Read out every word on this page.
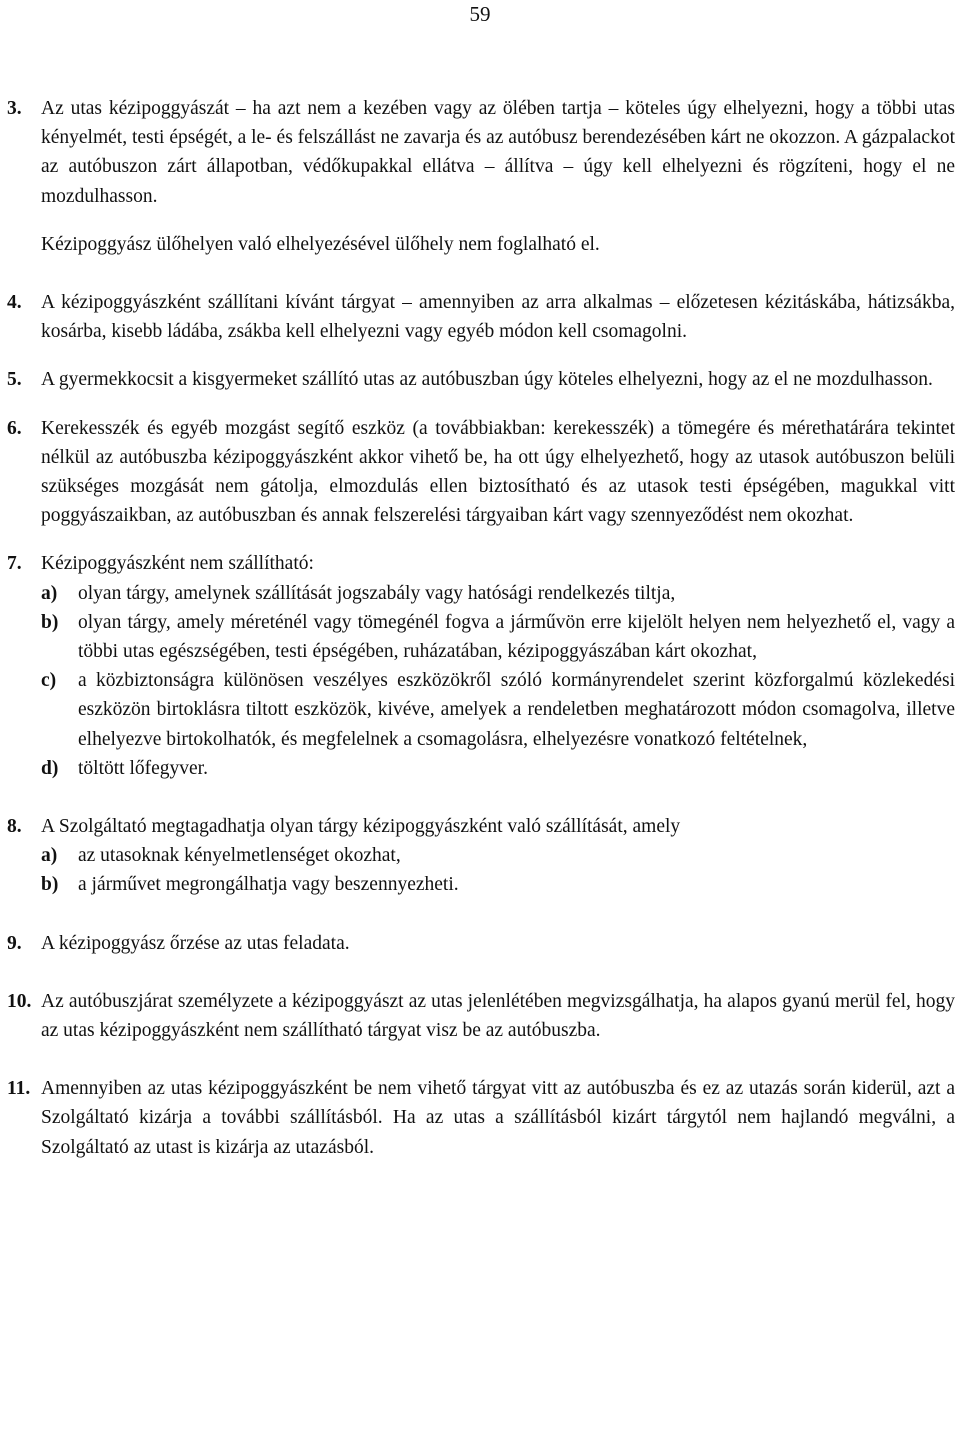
59
3. Az utas kézipoggyászát – ha azt nem a kezében vagy az ölében tartja – köteles úgy elhelyezni, hogy a többi utas kényelmét, testi épségét, a le- és felszállást ne zavarja és az autóbusz berendezésében kárt ne okozzon. A gázpalackot az autóbuszon zárt állapotban, védőkupakkal ellátva – állítva – úgy kell elhelyezni és rögzíteni, hogy el ne mozdulhasson.
Kézipoggyász ülőhelyen való elhelyezésével ülőhely nem foglalható el.
4. A kézipoggyászként szállítani kívánt tárgyat – amennyiben az arra alkalmas – előzetesen kézitáskába, hátizsákba, kosárba, kisebb ládába, zsákba kell elhelyezni vagy egyéb módon kell csomagolni.
5. A gyermekkocsit a kisgyermeket szállító utas az autóbuszban úgy köteles elhelyezni, hogy az el ne mozdulhasson.
6. Kerekesszék és egyéb mozgást segítő eszköz (a továbbiakban: kerekesszék) a tömegére és mérethatárára tekintet nélkül az autóbuszba kézipoggyászként akkor vihető be, ha ott úgy elhelyezhető, hogy az utasok autóbuszon belüli szükséges mozgását nem gátolja, elmozdulás ellen biztosítható és az utasok testi épségében, magukkal vitt poggyászaikban, az autóbuszban és annak felszerelési tárgyaiban kárt vagy szennyeződést nem okozhat.
7. Kézipoggyászként nem szállítható:
a)	olyan tárgy, amelynek szállítását jogszabály vagy hatósági rendelkezés tiltja,
b)	olyan tárgy, amely méreténél vagy tömegénél fogva a járművön erre kijelölt helyen nem helyezhető el, vagy a többi utas egészségében, testi épségében, ruházatában, kézipoggyászában kárt okozhat,
c)	a közbiztonságra különösen veszélyes eszközökről szóló kormányrendelet szerint közforgalmú közlekedési eszközön birtoklásra tiltott eszközök, kivéve, amelyek a rendeletben meghatározott módon csomagolva, illetve elhelyezve birtokolhatók, és megfelelnek a csomagolásra, elhelyezésre vonatkozó feltételnek,
d)	töltött lőfegyver.
8. A Szolgáltató megtagadhatja olyan tárgy kézipoggyászként való szállítását, amely
a)	az utasoknak kényelmetlenséget okozhat,
b)	a járművet megrongálhatja vagy beszennyezheti.
9. A kézipoggyász őrzése az utas feladata.
10. Az autóbuszjárat személyzete a kézipoggyászt az utas jelenlétében megvizsgálhatja, ha alapos gyanú merül fel, hogy az utas kézipoggyászként nem szállítható tárgyat visz be az autóbuszba.
11. Amennyiben az utas kézipoggyászként be nem vihető tárgyat vitt az autóbuszba és ez az utazás során kiderül, azt a Szolgáltató kizárja a további szállításból. Ha az utas a szállításból kizárt tárgytól nem hajlandó megválni, a Szolgáltató az utast is kizárja az utazásból.
